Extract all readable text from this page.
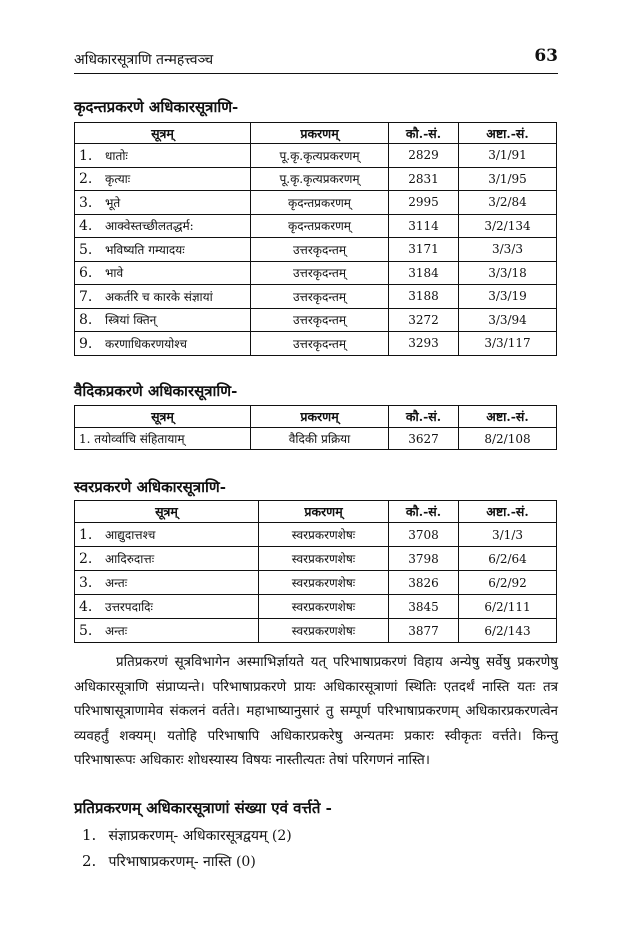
अधिकारसूत्राणि तन्महत्त्वञ्च	63
कृदन्तप्रकरणे अधिकारसूत्राणि-
सूत्रम्	प्रकरणम्	कौ.-सं.	अष्टा.-सं.
1. धातोः	पू.कृ.कृत्यप्रकरणम्	2829	3/1/91
2. कृत्याः	पू.कृ.कृत्यप्रकरणम्	2831	3/1/95
3. भूते	कृदन्तप्रकरणम्	2995	3/2/84
4. आक्वेस्तच्छीलतद्धर्म:	कृदन्तप्रकरणम्	3114	3/2/134
5. भविष्यति गम्यादयः	उत्तरकृदन्तम्	3171	3/3/3
6. भावे	उत्तरकृदन्तम्	3184	3/3/18
7. अकर्तरि च कारके संज्ञायां	उत्तरकृदन्तम्	3188	3/3/19
8. स्त्रियां क्तिन्	उत्तरकृदन्तम्	3272	3/3/94
9. करणाधिकरणयोश्च	उत्तरकृदन्तम्	3293	3/3/117
वैदिकप्रकरणे अधिकारसूत्राणि-
सूत्रम्	प्रकरणम्	कौ.-सं.	अष्टा.-सं.
1. तयोर्व्वाचि संहितायाम्	वैदिकी प्रक्रिया	3627	8/2/108
स्वरप्रकरणे अधिकारसूत्राणि-
सूत्रम्	प्रकरणम्	कौ.-सं.	अष्टा.-सं.
1. आद्युदात्तश्च	स्वरप्रकरणशेषः	3708	3/1/3
2. आदिरुदात्तः	स्वरप्रकरणशेषः	3798	6/2/64
3. अन्तः	स्वरप्रकरणशेषः	3826	6/2/92
4. उत्तरपदादिः	स्वरप्रकरणशेषः	3845	6/2/111
5. अन्तः	स्वरप्रकरणशेषः	3877	6/2/143

प्रतिप्रकरणं सूत्रविभागेन अस्माभिर्ज्ञायते यत् परिभाषाप्रकरणं विहाय अन्येषु सर्वेषु प्रकरणेषु अधिकारसूत्राणि संप्राप्यन्ते। परिभाषाप्रकरणे प्रायः अधिकारसूत्राणां स्थितिः एतदर्थं नास्ति यतः तत्र परिभाषासूत्राणामेव संकलनं वर्तते। महाभाष्यानुसारं तु सम्पूर्ण परिभाषाप्रकरणम् अधिकारप्रकरणत्वेन व्यवहर्तुं शक्यम्। यतोहि परिभाषापि अधिकारप्रकरेषु अन्यतमः प्रकारः स्वीकृतः वर्त्तते। किन्तु परिभाषारूपः अधिकारः शोधस्यास्य विषयः नास्तीत्यतः तेषां परिगणनं नास्ति।

प्रतिप्रकरणम् अधिकारसूत्राणां संख्या एवं वर्त्तते -
1. संज्ञाप्रकरणम्- अधिकारसूत्रद्वयम् (2)
2. परिभाषाप्रकरणम्- नास्ति (0)
